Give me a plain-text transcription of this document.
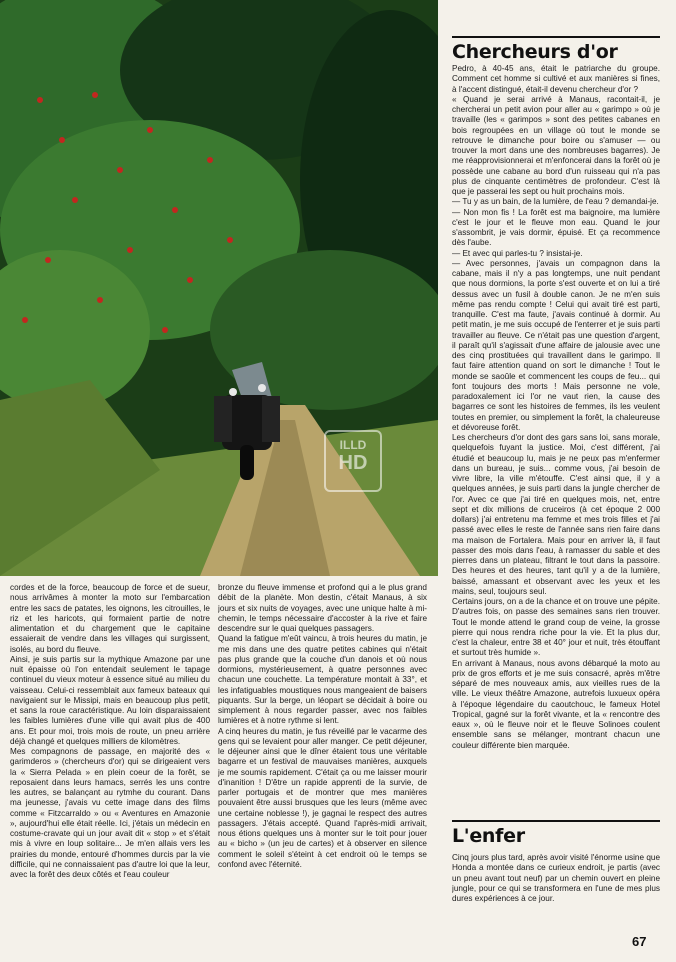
ILLD
HD
Chercheurs d'or

Pedro, à 40-45 ans, était le patriarche du groupe. Comment cet homme si cultivé et aux manières si fines, à l'accent distingué, était-il devenu chercheur d'or ?

« Quand je serai arrivé à Manaus, racontait-il, je chercherai un petit avion pour aller au « garimpo » où je travaille (les « garimpos » sont des petites cabanes en bois regroupées en un village où tout le monde se retrouve le dimanche pour boire ou s'amuser — ou trouver la mort dans une des nombreuses bagarres). Je me réapprovisionnerai et m'enfoncerai dans la forêt où je possède une cabane au bord d'un ruisseau qui n'a pas plus de cinquante centimètres de profondeur. C'est là que je passerai les sept ou huit prochains mois.

— Tu y as un bain, de la lumière, de l'eau ? demandai-je.

— Non mon fis ! La forêt est ma baignoire, ma lumière c'est le jour et le fleuve mon eau. Quand le jour s'assombrit, je vais dormir, épuisé. Et ça recommence dès l'aube.

— Et avec qui parles-tu ? insistai-je.

— Avec personnes, j'avais un compagnon dans la cabane, mais il n'y a pas longtemps, une nuit pendant que nous dormions, la porte s'est ouverte et on lui a tiré dessus avec un fusil à double canon. Je ne m'en suis même pas rendu compte ! Celui qui avait tiré est parti, tranquille. C'est ma faute, j'avais continué à dormir. Au petit matin, je me suis occupé de l'enterrer et je suis parti travailler au fleuve. Ce n'était pas une question d'argent, il paraît qu'il s'agissait d'une affaire de jalousie avec une des cinq prostituées qui travaillent dans le garimpo. Il faut faire attention quand on sort le dimanche ! Tout le monde se saoûle et commencent les coups de feu... qui font toujours des morts ! Mais personne ne vole, paradoxalement ici l'or ne vaut rien, la cause des bagarres ce sont les histoires de femmes, ils les veulent toutes en premier, ou simplement la forêt, la chaleureuse et dévoreuse forêt.

Les chercheurs d'or dont des gars sans loi, sans morale, quelquefois fuyant la justice. Moi, c'est différent, j'ai étudié et beaucoup lu, mais je ne peux pas m'enfermer dans un bureau, je suis... comme vous, j'ai besoin de vivre libre, la ville m'étouffe. C'est ainsi que, il y a quelques années, je suis parti dans la jungle chercher de l'or. Avec ce que j'ai tiré en quelques mois, net, entre sept et dix millions de cruceiros (à cet époque 2 000 dollars) j'ai entretenu ma femme et mes trois filles et j'ai passé avec elles le reste de l'année sans rien faire dans ma maison de Fortalera. Mais pour en arriver là, il faut passer des mois dans l'eau, à ramasser du sable et des pierres dans un plateau, filtrant le tout dans la passoire. Des heures et des heures, tant qu'il y a de la lumière, baissé, amassant et observant avec les yeux et les mains, seul, toujours seul.

Certains jours, on a de la chance et on trouve une pépite. D'autres fois, on passe des semaines sans rien trouver. Tout le monde attend le grand coup de veine, la grosse pierre qui nous rendra riche pour la vie. Et la plus dur, c'est la chaleur, entre 38 et 40° jour et nuit, très étouffant et surtout très humide ».

En arrivant à Manaus, nous avons débarqué la moto au prix de gros efforts et je me suis consacré, après m'être séparé de mes nouveaux amis, aux vieilles rues de la ville. Le vieux théâtre Amazone, autrefois luxueux opéra à l'époque légendaire du caoutchouc, le fameux Hotel Tropical, gagné sur la forêt vivante, et la « rencontre des eaux », où le fleuve noir et le fleuve Solinoes coulent ensemble sans se mélanger, montrant chacun une couleur différente bien marquée.

L'enfer

Cinq jours plus tard, après avoir visité l'énorme usine que Honda a montée dans ce curieux endroit, je partis (avec un pneu avant tout neuf) par un chemin ouvert en pleine jungle, pour ce qui se transformera en l'une de mes plus dures expériences à ce jour.

cordes et de la force, beaucoup de force et de sueur, nous arrivâmes à monter la moto sur l'embarcation entre les sacs de patates, les oignons, les citrouilles, le riz et les haricots, qui formaient partie de notre alimentation et du chargement que le capitaine essaierait de vendre dans les villages qui surgissent, isolés, au bord du fleuve.

Ainsi, je suis partis sur la mythique Amazone par une nuit épaisse où l'on entendait seulement le tapage continuel du vieux moteur à essence situé au milieu du vaisseau. Celui-ci ressemblait aux fameux bateaux qui navigaient sur le Missipi, mais en beaucoup plus petit, et sans la roue caractéristique. Au loin disparaissaient les faibles lumières d'une ville qui avait plus de 400 ans. Et pour moi, trois mois de route, un pneu arrière déjà changé et quelques milliers de kilomètres.

Mes compagnons de passage, en majorité des « garimderos » (chercheurs d'or) qui se dirigeaient vers la « Sierra Pelada » en plein coeur de la forêt, se reposaient dans leurs hamacs, serrés les uns contre les autres, se balançant au rytmhe du courant. Dans ma jeunesse, j'avais vu cette image dans des films comme « Fitzcarraldo » ou « Aventures en Amazonie », aujourd'hui elle était réelle. Ici, j'étais un médecin en costume-cravate qui un jour avait dit « stop » et s'était mis à vivre en loup solitaire... Je m'en allais vers les prairies du monde, entouré d'hommes durcis par la vie difficile, qui ne connaissaient pas d'autre loi que la leur, avec la forêt des deux côtés et l'eau couleur

bronze du fleuve immense et profond qui a le plus grand débit de la planète. Mon destin, c'était Manaus, à six jours et six nuits de voyages, avec une unique halte à mi-chemin, le temps nécessaire d'accoster à la rive et faire descendre sur le quai quelques passagers.

Quand la fatigue m'eût vaincu, à trois heures du matin, je me mis dans une des quatre petites cabines qui n'était pas plus grande que la couche d'un danois et où nous dormions, mystérieusement, à quatre personnes avec chacun une couchette. La température montait à 33°, et les infatiguables moustiques nous mangeaient de baisers piquants. Sur la berge, un léopart se décidait à boire ou simplement à nous regarder passer, avec nos faibles lumières et à notre rythme si lent.

A cinq heures du matin, je fus réveillé par le vacarme des gens qui se levaient pour aller manger. Ce petit déjeuner, le déjeuner ainsi que le dîner étaient tous une véritable bagarre et un festival de mauvaises manières, auxquels je me soumis rapidement. C'était ça ou me laisser mourir d'inanition ! D'être un rapide apprenti de la survie, de parler portugais et de montrer que mes manières pouvaient être aussi brusques que les leurs (même avec une certaine noblesse !), je gagnai le respect des autres passagers. J'étais accepté. Quand l'après-midi arrivait, nous étions quelques uns à monter sur le toit pour jouer au « bicho » (un jeu de cartes) et à observer en silence comment le soleil s'éteint à cet endroit où le temps se confond avec l'éternité.

67
